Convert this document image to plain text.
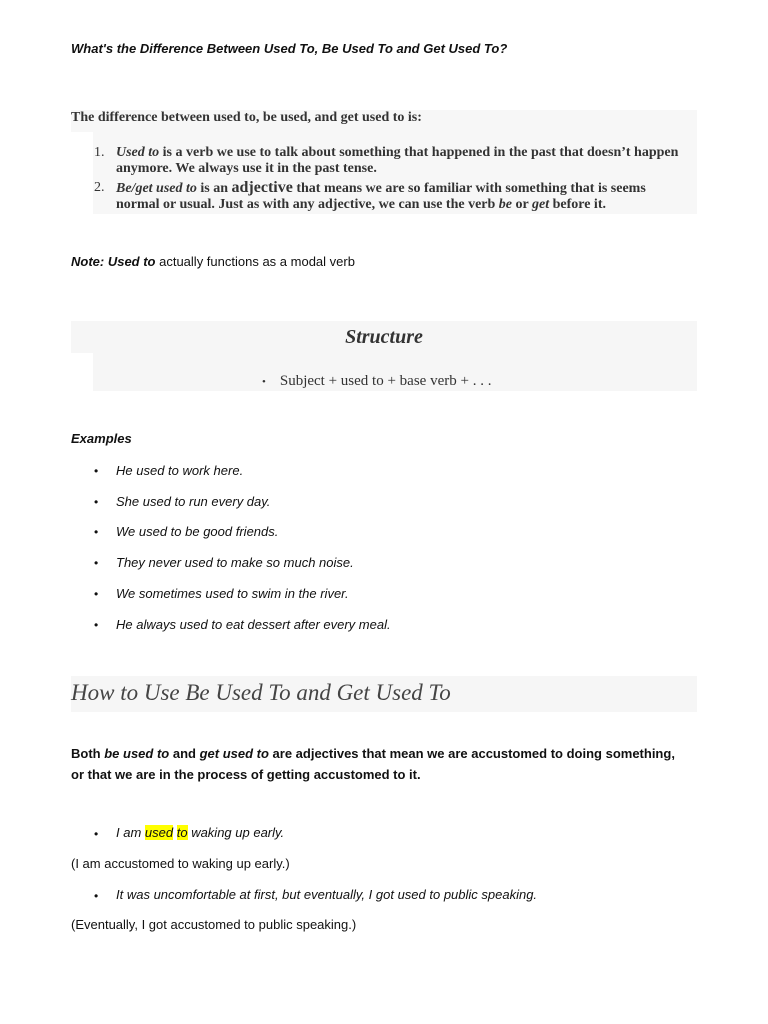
What's the Difference Between Used To, Be Used To and Get Used To?
The difference between used to, be used, and get used to is:
1. Used to is a verb we use to talk about something that happened in the past that doesn’t happen
anymore. We always use it in the past tense.
2. Be/get used to is an adjective that means we are so familiar with something that is seems
normal or usual. Just as with any adjective, we can use the verb be or get before it.
Note: Used to actually functions as a modal verb
Structure
• Subject + used to + base verb + . . .
Examples
• He used to work here.
• She used to run every day.
• We used to be good friends.
• They never used to make so much noise.
• We sometimes used to swim in the river.
• He always used to eat dessert after every meal.
How to Use Be Used To and Get Used To
Both be used to and get used to are adjectives that mean we are accustomed to doing something,
or that we are in the process of getting accustomed to it.
• I am used to waking up early.
(I am accustomed to waking up early.)
• It was uncomfortable at first, but eventually, I got used to public speaking.
(Eventually, I got accustomed to public speaking.)
